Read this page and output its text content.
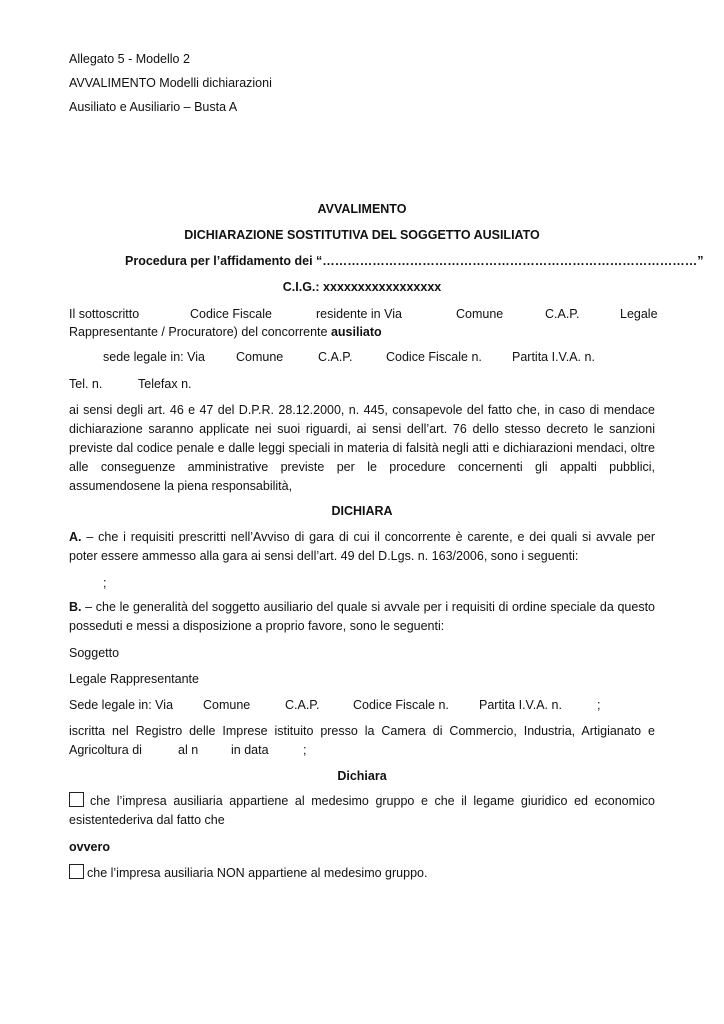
Allegato 5 - Modello 2
AVVALIMENTO Modelli dichiarazioni
Ausiliato e Ausiliario – Busta A
AVVALIMENTO
DICHIARAZIONE SOSTITUTIVA DEL SOGGETTO AUSILIATO
Procedura per l’affidamento dei “………………………………………………………………………………”
C.I.G.: xxxxxxxxxxxxxxxxx
Il sottoscritto	Codice Fiscale	residente in Via	Comune	C.A.P.	Legale
Rappresentante / Procuratore) del concorrente ausiliato
sede legale in: Via Comune	C.A.P.	Codice Fiscale n. Partita I.V.A. n.
Tel. n.	Telefax n.
ai sensi degli art. 46 e 47 del D.P.R. 28.12.2000, n. 445, consapevole del fatto che, in caso di mendace dichiarazione saranno applicate nei suoi riguardi, ai sensi dell’art. 76 dello stesso decreto le sanzioni previste dal codice penale e dalle leggi speciali in materia di falsità negli atti e dichiarazioni mendaci, oltre alle conseguenze amministrative previste per le procedure concernenti gli appalti pubblici, assumendosene la piena responsabilità,
DICHIARA
A. – che i requisiti prescritti nell’Avviso di gara di cui il concorrente è carente, e dei quali si avvale per poter essere ammesso alla gara ai sensi dell’art. 49 del D.Lgs. n. 163/2006, sono i seguenti:
;
B. – che le generalità del soggetto ausiliario del quale si avvale per i requisiti di ordine speciale da questo posseduti e messi a disposizione a proprio favore, sono le seguenti:
Soggetto
Legale Rappresentante
Sede legale in: Via Comune	C.A.P.	Codice Fiscale n. Partita I.V.A. n.	;
iscritta nel Registro delle Imprese istituito presso la Camera di Commercio, Industria, Artigianato e
Agricoltura di	al n	in data	;
Dichiara
che l’impresa ausiliaria appartiene al medesimo gruppo e che il legame giuridico ed economico esistentederiva dal fatto che
ovvero
che l’impresa ausiliaria NON appartiene al medesimo gruppo.
